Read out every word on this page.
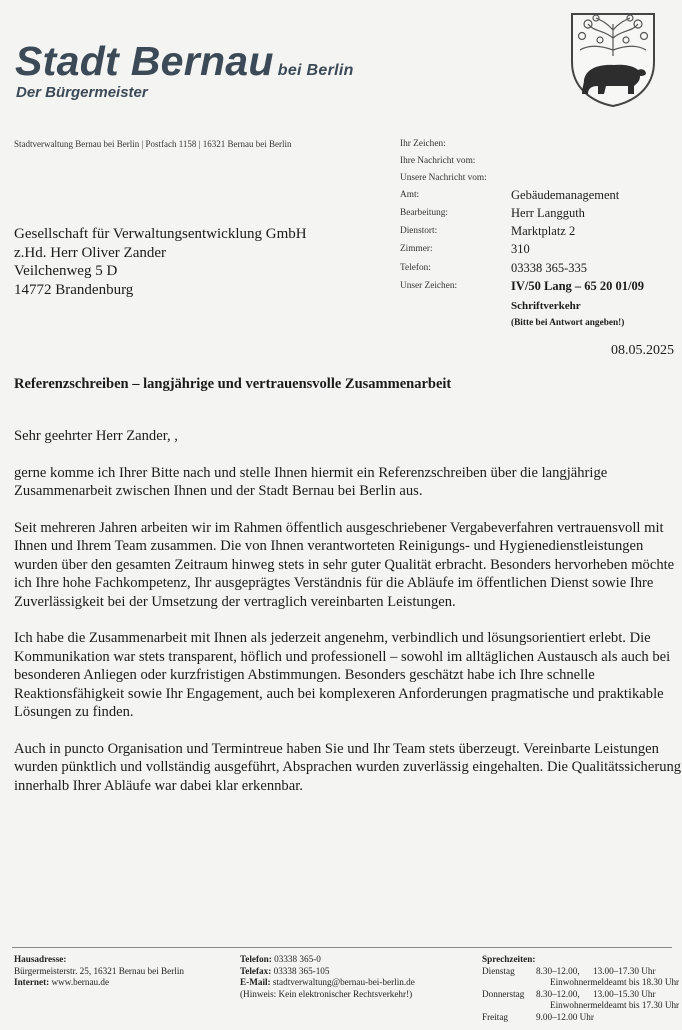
Stadt Bernau bei Berlin
Der Bürgermeister
Stadtverwaltung Bernau bei Berlin | Postfach 1158 | 16321 Bernau bei Berlin	Ihr Zeichen:
Ihre Nachricht vom:
Unsere Nachricht vom:
Amt:	Gebäudemanagement
Bearbeitung:	Herr Langguth
Dienstort:	Marktplatz 2
Zimmer:	310
Telefon:	03338 365-335
Unser Zeichen:	IV/50 Lang – 65 20 01/09
Schriftverkehr
(Bitte bei Antwort angeben!)
Gesellschaft für Verwaltungsentwicklung GmbH
z.Hd. Herr Oliver Zander
Veilchenweg 5 D
14772 Brandenburg
08.05.2025
Referenzschreiben – langjährige und vertrauensvolle Zusammenarbeit

Sehr geehrter Herr Zander, ,

gerne komme ich Ihrer Bitte nach und stelle Ihnen hiermit ein Referenzschreiben über die langjährige Zusammenarbeit zwischen Ihnen und der Stadt Bernau bei Berlin aus.

Seit mehreren Jahren arbeiten wir im Rahmen öffentlich ausgeschriebener Vergabeverfahren vertrauensvoll mit Ihnen und Ihrem Team zusammen. Die von Ihnen verantworteten Reinigungs- und Hygienedienstleistungen wurden über den gesamten Zeitraum hinweg stets in sehr guter Qualität erbracht. Besonders hervorheben möchte ich Ihre hohe Fachkompetenz, Ihr ausgeprägtes Verständnis für die Abläufe im öffentlichen Dienst sowie Ihre Zuverlässigkeit bei der Umsetzung der vertraglich vereinbarten Leistungen.

Ich habe die Zusammenarbeit mit Ihnen als jederzeit angenehm, verbindlich und lösungsorientiert erlebt. Die Kommunikation war stets transparent, höflich und professionell – sowohl im alltäglichen Austausch als auch bei besonderen Anliegen oder kurzfristigen Abstimmungen. Besonders geschätzt habe ich Ihre schnelle Reaktionsfähigkeit sowie Ihr Engagement, auch bei komplexeren Anforderungen pragmatische und praktikable Lösungen zu finden.

Auch in puncto Organisation und Termintreue haben Sie und Ihr Team stets überzeugt. Vereinbarte Leistungen wurden pünktlich und vollständig ausgeführt, Absprachen wurden zuverlässig eingehalten. Die Qualitätssicherung innerhalb Ihrer Abläufe war dabei klar erkennbar.

Hausadresse:
Bürgermeisterstr. 25, 16321 Bernau bei Berlin
Internet: www.bernau.de
Telefon: 03338 365-0
Telefax: 03338 365-105
E-Mail: stadtverwaltung@bernau-bei-berlin.de
(Hinweis: Kein elektronischer Rechtsverkehr!)
Sprechzeiten:
Dienstag 8.30–12.00, 13.00–17.30 Uhr
Einwohnermeldeamt bis 18.30 Uhr
Donnerstag 8.30–12.00, 13.00–15.30 Uhr
Einwohnermeldeamt bis 17.30 Uhr
Freitag	9.00–12.00 Uhr
